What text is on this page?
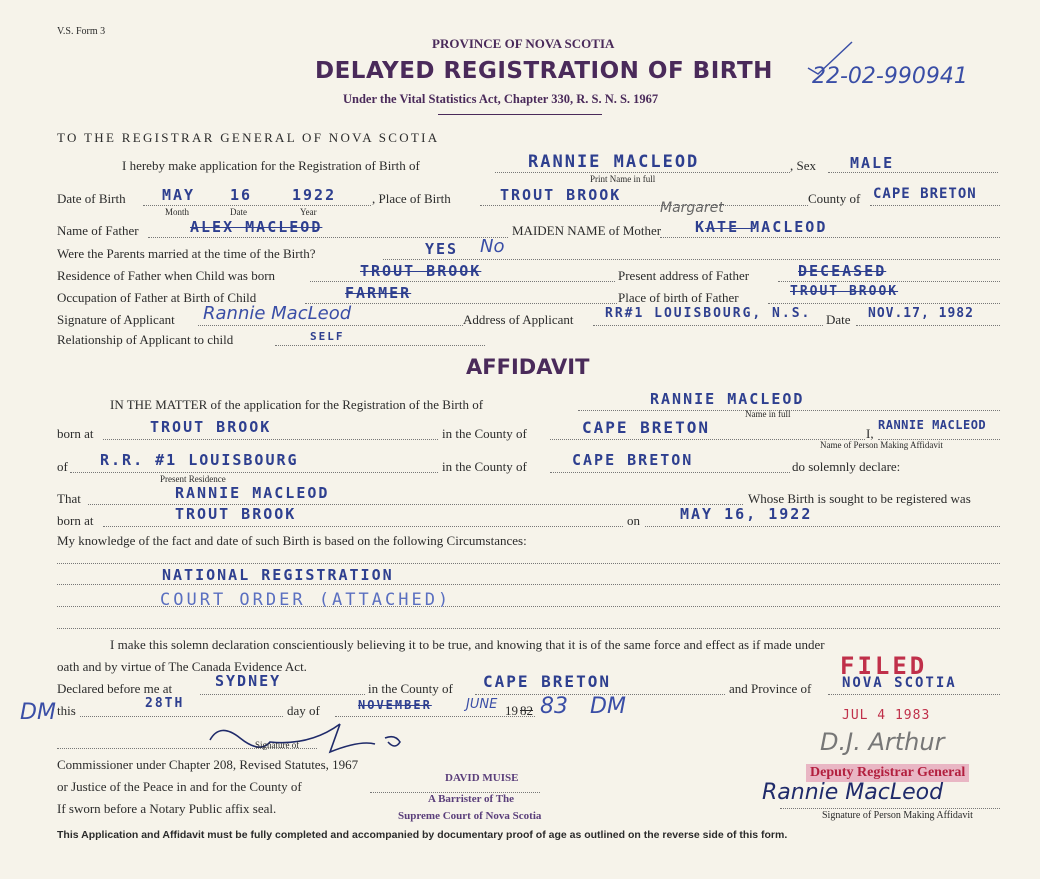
V.S. Form 3
PROVINCE OF NOVA SCOTIA
DELAYED REGISTRATION OF BIRTH 22-02-990941
Under the Vital Statistics Act, Chapter 330, R. S. N. S. 1967
TO THE REGISTRAR GENERAL OF NOVA SCOTIA
I hereby make application for the Registration of Birth of	RANNIE MACLEOD	, Sex MALE
Print Name in full
Date of Birth MAY 16	1922
Month	Date	Year
, Place of Birth	TROUT BROOK	County of CAPE BRETON
Name of Father	ALEX MACLEOD	MAIDEN NAME of Mother KATE MACLEOD
Margaret
Were the Parents married at the time of the Birth?	YES No
Residence of Father when Child was born	TROUT BROOK	Present address of Father	DECEASED
Occupation of Father at Birth of Child	FARMER	Place of birth of Father	TROUT BROOK
Signature of Applicant Rannie MacLeod	Address of Applicant RR#1 LOUISBOURG, N.S. Date NOV.17, 1982
Relationship of Applicant to child	SELF
AFFIDAVIT
IN THE MATTER of the application for the Registration of the Birth of	RANNIE MACLEOD
Name in full
born at	TROUT BROOK	in the County of	CAPE BRETON	I,
RANNIE MACLEOD
Name of Person Making Affidavit
of R.R. #1 LOUISBOURG
Present Residence
in the County of	CAPE BRETON	do solemnly declare:
That	RANNIE MACLEOD	Whose Birth is sought to be registered was
born at	TROUT BROOK	on	MAY 16, 1922
My knowledge of the fact and date of such Birth is based on the following Circumstances:
NATIONAL REGISTRATION
COURT ORDER (ATTACHED)
I make this solemn declaration conscientiously believing it to be true, and knowing that it is of the same force and effect as if made under
oath and by virtue of The Canada Evidence Act.
Declared before me at	SYDNEY	in the County of CAPE BRETON	and Province of NOVA SCOTIA
DM this	28TH	day of	NOVEMBER	JUNE 19 82 83 DM
Signature of
Commissioner under Chapter 208, Revised Statutes, 1967
or Justice of the Peace in and for the County of
If sworn before a Notary Public affix seal.
DAVID MUISE
A Barrister of The
Supreme Court of Nova Scotia
FILED
JUL 4 1983
D.J. Arthur
Deputy Registrar General
Rannie MacLeod
Signature of Person Making Affidavit
This Application and Affidavit must be fully completed and accompanied by documentary proof of age as outlined on the reverse side of this form.
